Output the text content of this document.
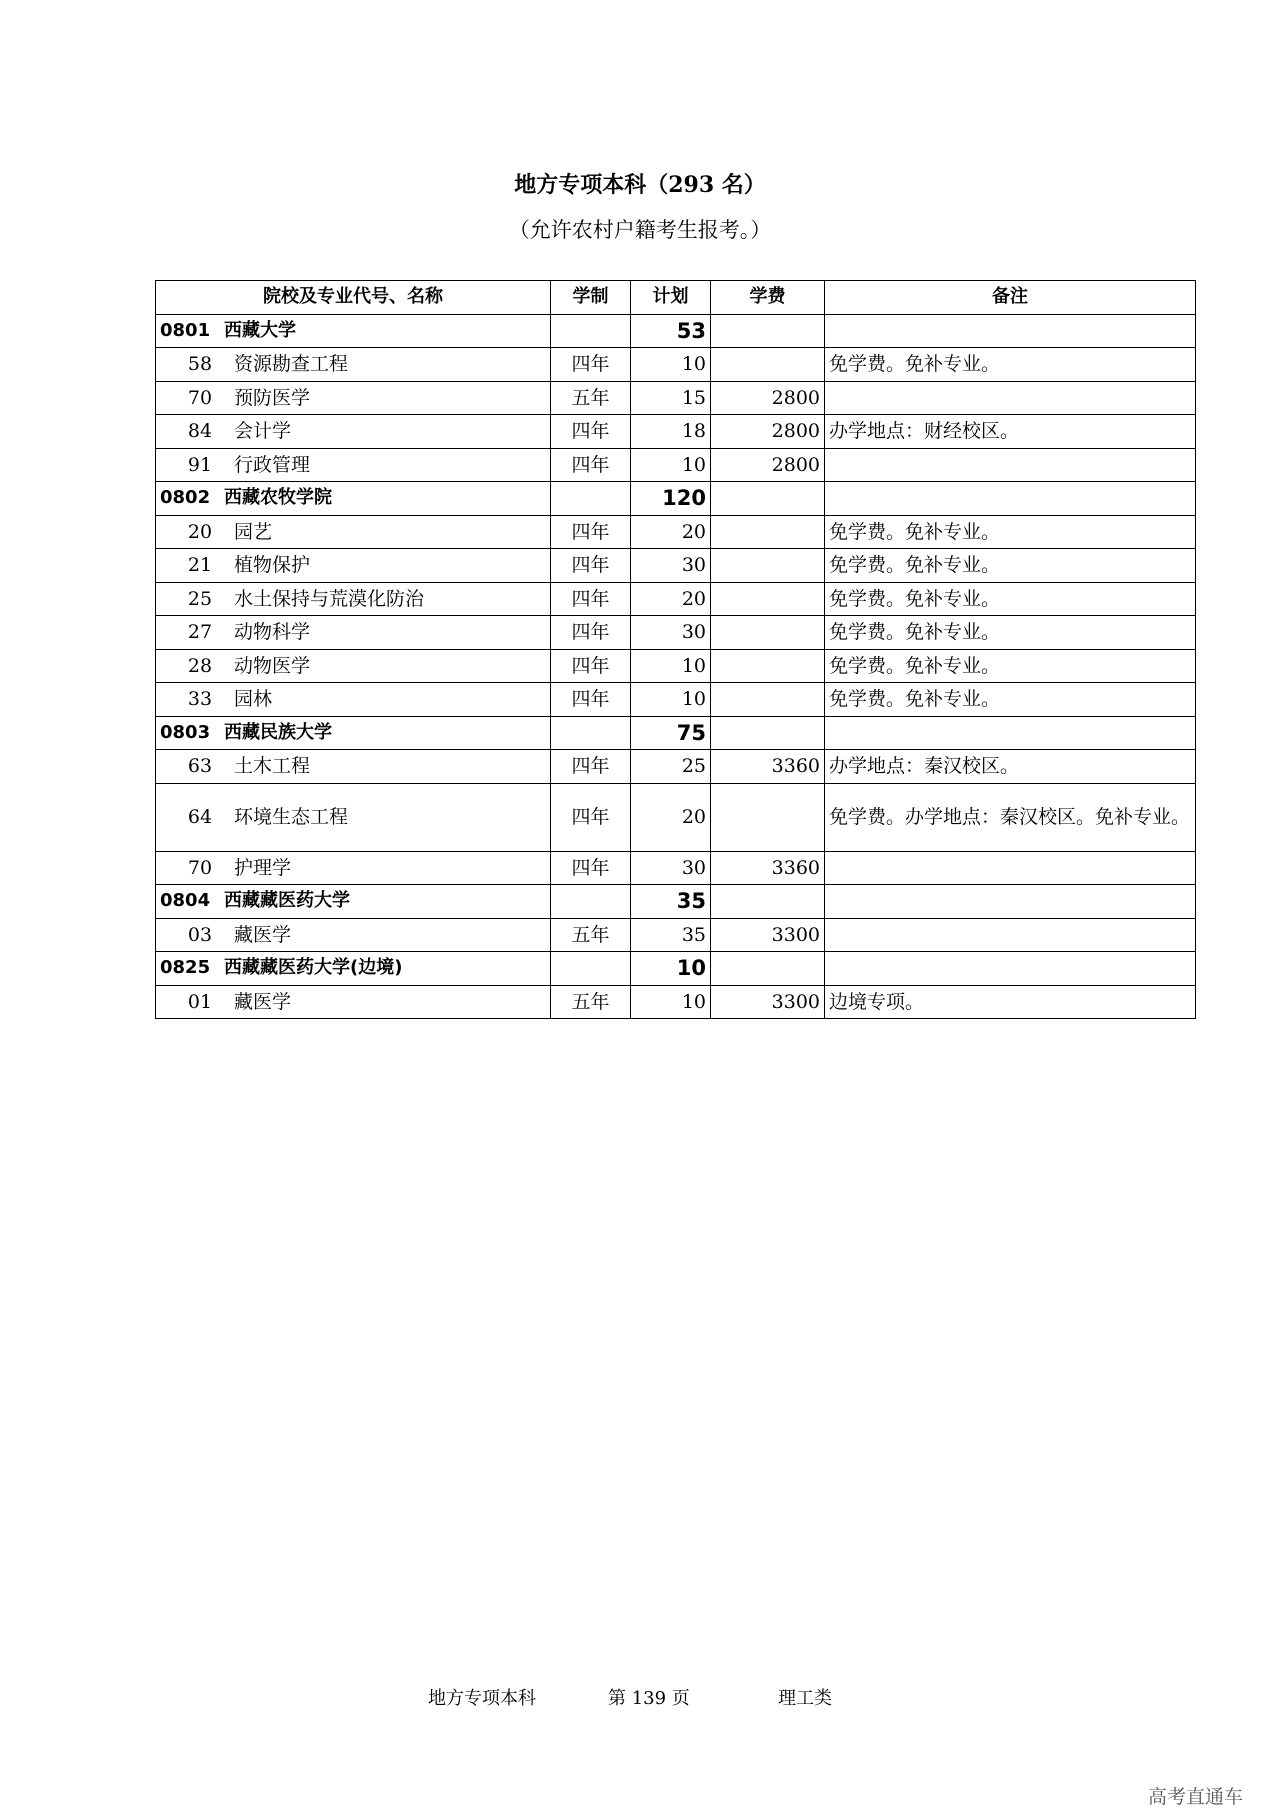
地方专项本科（293 名）
（允许农村户籍考生报考。）
院校及专业代号、名称	学制	计划	学费	备注
0801 西藏大学		53		
58 资源勘查工程	四年	10		免学费。免补专业。
70 预防医学	五年	15	2800	
84 会计学	四年	18	2800	办学地点：财经校区。
91 行政管理	四年	10	2800	
0802 西藏农牧学院		120		
20 园艺	四年	20		免学费。免补专业。
21 植物保护	四年	30		免学费。免补专业。
25 水土保持与荒漠化防治	四年	20		免学费。免补专业。
27 动物科学	四年	30		免学费。免补专业。
28 动物医学	四年	10		免学费。免补专业。
33 园林	四年	10		免学费。免补专业。
0803 西藏民族大学		75		
63 土木工程	四年	25	3360	办学地点：秦汉校区。
64 环境生态工程	四年	20		免学费。办学地点：秦汉校区。免补专业。
70 护理学	四年	30	3360	
0804 西藏藏医药大学		35		
03 藏医学	五年	35	3300	
0825 西藏藏医药大学(边境)		10		
01 藏医学	五年	10	3300	边境专项。
地方专项本科	第 139 页	理工类
高考直通车
